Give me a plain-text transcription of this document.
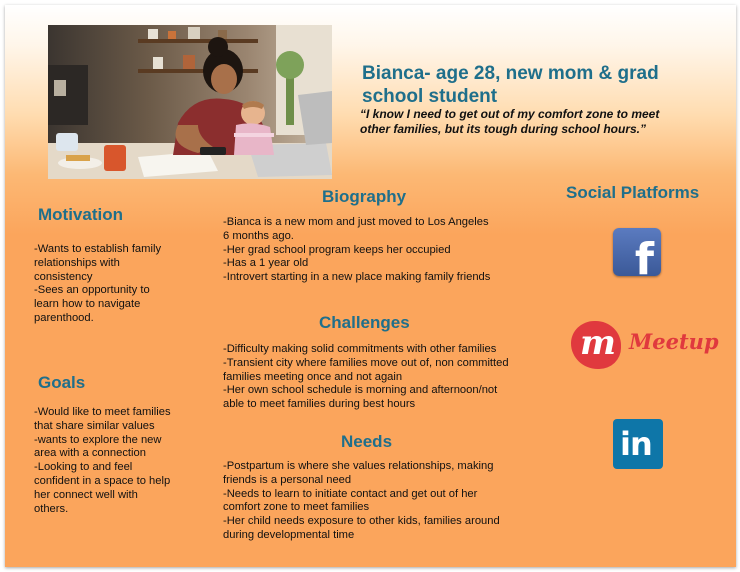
Bianca- age 28, new mom & grad school student
“I know I need to get out of my comfort zone to meet other families, but its tough during school hours.”
Motivation
-Wants to establish family
relationships with
consistency
-Sees an opportunity to
learn how to navigate
parenthood.
Goals
-Would like to meet families
that share similar values
-wants to explore the new
area with a connection
-Looking to and feel
confident in a space to help
her connect well with
others.
Biography
-Bianca is a new mom and just moved to Los Angeles
6 months ago.
-Her grad school program keeps her occupied
-Has a 1 year old
-Introvert starting in a new place making family friends
Challenges
-Difficulty making solid commitments with other families
-Transient city where families move out of, non committed
families meeting once and not again
-Her own school schedule is morning and afternoon/not
able to meet families during best hours
Needs
-Postpartum is where she values relationships, making
friends is a personal need
-Needs to learn to initiate contact and get out of her
comfort zone to meet families
-Her child needs exposure to other kids, families around
during developmental time
Social Platforms
f
m Meetup
in
